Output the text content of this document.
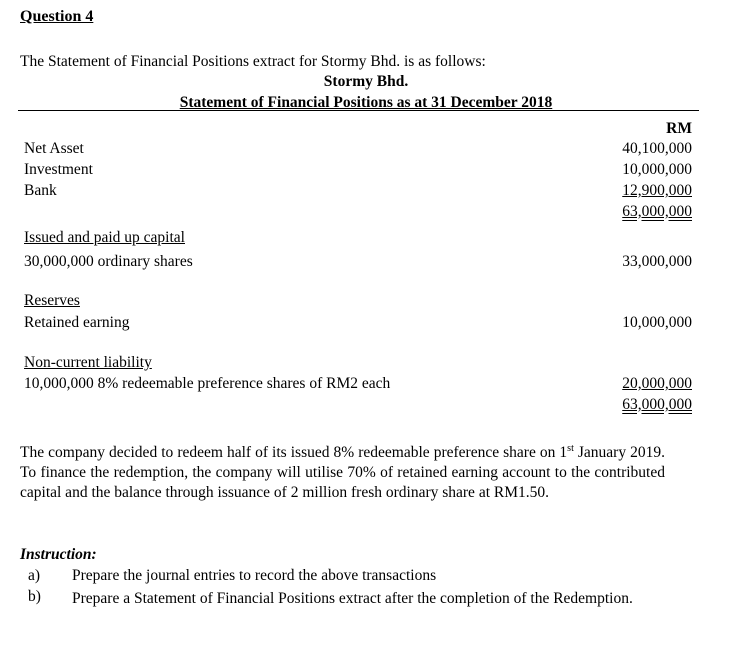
Question 4
The Statement of Financial Positions extract for Stormy Bhd. is as follows:
Stormy Bhd.
Statement of Financial Positions as at 31 December 2018
RM
Net Asset	40,100,000
Investment	10,000,000
Bank	12,900,000
63,000,000
Issued and paid up capital
30,000,000 ordinary shares	33,000,000
Reserves
Retained earning	10,000,000
Non-current liability
10,000,000 8% redeemable preference shares of RM2 each	20,000,000
63,000,000
The company decided to redeem half of its issued 8% redeemable preference share on 1st January 2019. To finance the redemption, the company will utilise 70% of retained earning account to the contributed capital and the balance through issuance of 2 million fresh ordinary share at RM1.50.
Instruction:
a) Prepare the journal entries to record the above transactions
b) Prepare a Statement of Financial Positions extract after the completion of the Redemption.
